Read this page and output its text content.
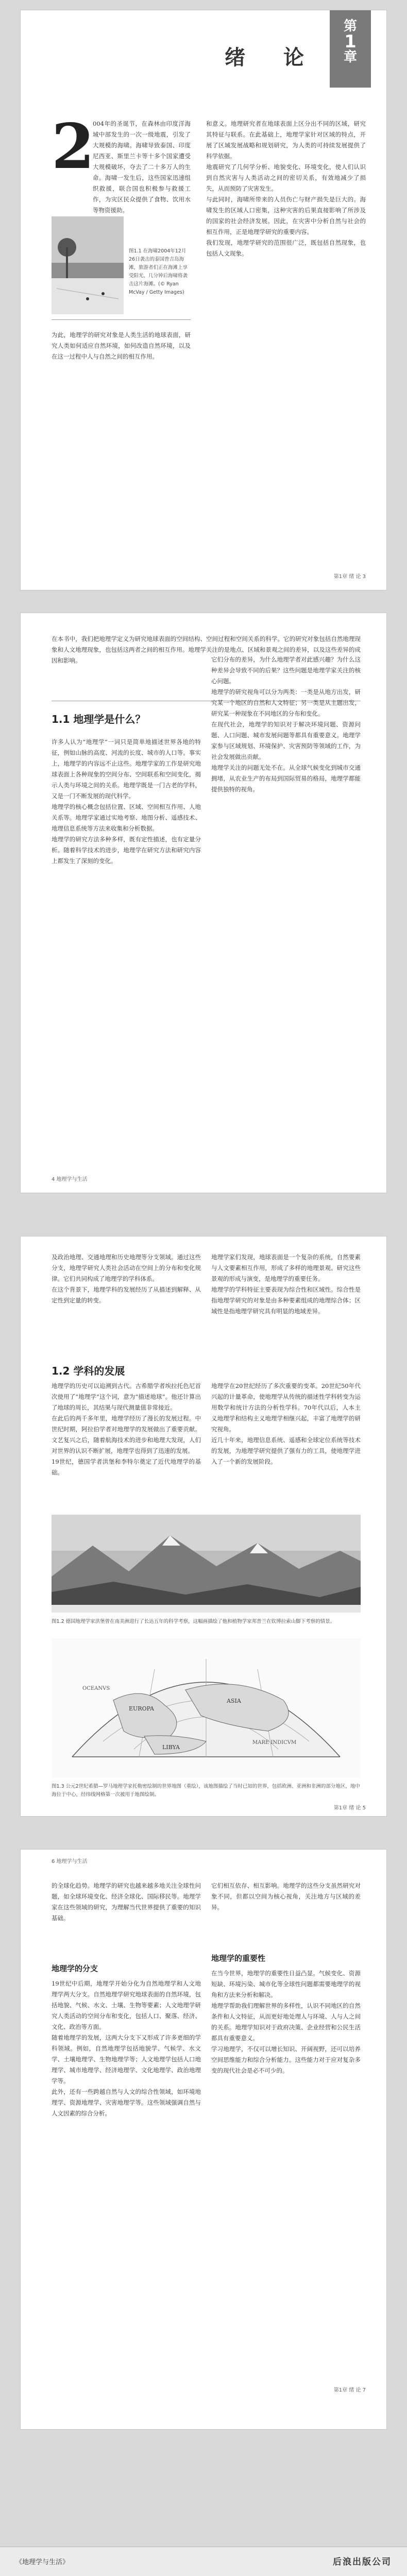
第
1
章
绪 论
2
004年的圣诞节，在森林由印度洋海域中部发生的一次一级地震，引发了大规模的海啸。海啸导致泰国、印度尼西亚、斯里兰卡等十多个国家遭受大规模破坏，夺去了二十多万人的生命。海啸一发生后，这些国家迅速组织救援，联合国也积极参与救援工作，为灾区民众提供了食物、饮用水等物资援助。
和意义。地理研究者在地球表面上区分出不同的区域，研究其特征与联系。在此基础上，地理学家针对区域的特点，开展了区域发展战略和规划研究，为人类的可持续发展提供了科学依据。
地震研究了几何学分析、地貌变化、环境变化，使人们认识到自然灾害与人类活动之间的密切关系，有效地减少了损失，从而预防了灾害发生。
与此同时，海啸所带来的人员伤亡与财产损失是巨大的。海啸发生的区域人口密集，这种灾害的后果直接影响了所涉及的国家的社会经济发展。因此，在灾害中分析自然与社会的相互作用，正是地理学研究的重要内容。
我们发现，地理学研究的范围很广泛，既包括自然现象，也包括人文现象。
图1.1 在海啸2004年12月26日袭击的泰国普吉岛海滩，旅游者们正在海滩上享受阳光，几分钟后海啸将袭击这片海滩。(© Ryan McVay / Getty Images)
为此，地理学的研究对象是人类生活的地球表面，研究人类如何适应自然环境，如何改造自然环境，以及在这一过程中人与自然之间的相互作用。
第1章 绪 论 3
在本书中，我们把地理学定义为研究地球表面的空间结构、空间过程和空间关系的科学。它的研究对象包括自然地理现象和人文地理现象，也包括这两者之间的相互作用。地理学关注的是地点、区域和景观之间的差异，以及这些差异的成因和影响。
1.1 地理学是什么？
许多人认为“地理学”一词只是简单地描述世界各地的特征，例如山脉的高度、河流的长度、城市的人口等。事实上，地理学的内容远不止这些。地理学家的工作是研究地球表面上各种现象的空间分布、空间联系和空间变化，揭示人类与环境之间的关系。地理学既是一门古老的学科，又是一门不断发展的现代科学。
地理学的核心概念包括位置、区域、空间相互作用、人地关系等。地理学家通过实地考察、地图分析、遥感技术、地理信息系统等方法来收集和分析数据。
地理学的研究方法多种多样，既有定性描述，也有定量分析。随着科学技术的进步，地理学在研究方法和研究内容上都发生了深刻的变化。
它们分布的差异，为什么地理学者对此感兴趣？为什么这种差异会导致不同的后果？这些问题是地理学家关注的核心问题。
地理学的研究视角可以分为两类：一类是从地方出发，研究某一个地区的自然和人文特征；另一类是从主题出发，研究某一种现象在不同地区的分布和变化。
在现代社会，地理学的知识对于解决环境问题、资源问题、人口问题、城市发展问题等都具有重要意义。地理学家参与区域规划、环境保护、灾害预防等领域的工作，为社会发展做出贡献。
地理学关注的问题无处不在。从全球气候变化到城市交通拥堵，从农业生产的布局到国际贸易的格局，地理学都能提供独特的视角。
4 地理学与生活
及政治地理、交通地理和历史地理等分支领域。通过这些分支，地理学研究人类社会活动在空间上的分布和变化规律。它们共同构成了地理学的学科体系。
在这个背景下，地理学科的发展经历了从描述到解释、从定性到定量的转变。
地理学家们发现，地球表面是一个复杂的系统，自然要素与人文要素相互作用，形成了多样的地理景观。研究这些景观的形成与演变，是地理学的重要任务。
地理学的学科特征主要表现为综合性和区域性。综合性是指地理学研究的对象是由多种要素组成的地理综合体；区域性是指地理学研究具有明显的地域差异。
1.2 学科的发展
地理学的历史可以追溯到古代。古希腊学者埃拉托色尼首次使用了“地理学”这个词，意为“描述地球”。他还计算出了地球的周长，其结果与现代测量值非常接近。
在此后的两千多年里，地理学经历了漫长的发展过程。中世纪时期，阿拉伯学者对地理学的发展做出了重要贡献。文艺复兴之后，随着航海技术的进步和地理大发现，人们对世界的认识不断扩展，地理学也得到了迅速的发展。
19世纪，德国学者洪堡和李特尔奠定了近代地理学的基础。
地理学在20世纪经历了多次重要的变革。20世纪50年代兴起的计量革命，使地理学从传统的描述性学科转变为运用数学和统计方法的分析性学科。70年代以后，人本主义地理学和结构主义地理学相继兴起，丰富了地理学的研究视角。
近几十年来，地理信息系统、遥感和全球定位系统等技术的发展，为地理学研究提供了强有力的工具，使地理学进入了一个新的发展阶段。
图1.2 德国地理学家洪堡曾在南美洲进行了长达五年的科学考察，这幅画描绘了他和植物学家邦普兰在钦博拉索山脚下考察的情景。
EUROPA
ASIA
LIBYA
OCEANVS
MARE INDICVM
图1.3 公元2世纪希腊—罗马地理学家托勒密绘制的世界地图（重绘），该地图描绘了当时已知的世界，包括欧洲、亚洲和非洲的部分地区，地中海位于中心，经纬线网格第一次被用于地图绘制。
第1章 绪 论 5
6 地理学与生活
的全球化趋势。地理学的研究也越来越多地关注全球性问题，如全球环境变化、经济全球化、国际移民等。地理学家在这些领域的研究，为理解当代世界提供了重要的知识基础。
地理学的分支
19世纪中后期，地理学开始分化为自然地理学和人文地理学两大分支。自然地理学研究地球表面的自然环境，包括地貌、气候、水文、土壤、生物等要素；人文地理学研究人类活动的空间分布和变化，包括人口、聚落、经济、文化、政治等方面。
随着地理学的发展，这两大分支下又形成了许多更细的学科领域。例如，自然地理学包括地貌学、气候学、水文学、土壤地理学、生物地理学等；人文地理学包括人口地理学、城市地理学、经济地理学、文化地理学、政治地理学等。
此外，还有一些跨越自然与人文的综合性领域，如环境地理学、资源地理学、灾害地理学等。这些领域强调自然与人文因素的综合分析。
它们相互依存、相互影响。地理学的这些分支虽然研究对象不同，但都以空间为核心视角，关注地方与区域的差异。
地理学的重要性
在当今世界，地理学的重要性日益凸显。气候变化、资源短缺、环境污染、城市化等全球性问题都需要地理学的视角和方法来分析和解决。
地理学帮助我们理解世界的多样性，认识不同地区的自然条件和人文特征，从而更好地处理人与环境、人与人之间的关系。地理学知识对于政府决策、企业经营和公民生活都具有重要意义。
学习地理学，不仅可以增长知识、开阔视野，还可以培养空间思维能力和综合分析能力。这些能力对于应对复杂多变的现代社会是必不可少的。
第1章 绪 论 7
《地理学与生活》	后浪出版公司
